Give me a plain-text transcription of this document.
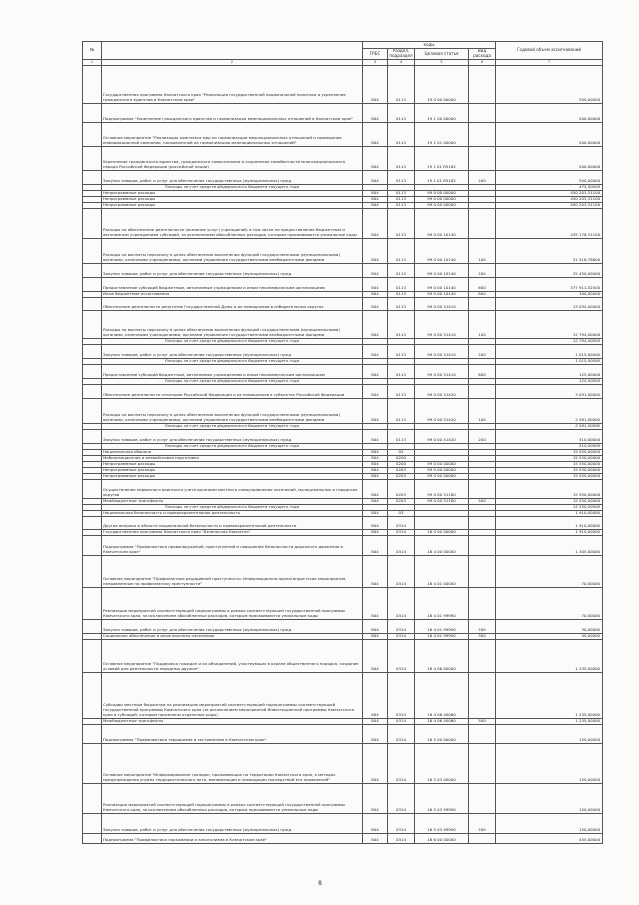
№		коды				Годовой объем ассигнований
		ГРБС	Раздел, подраздел	Целевая статья	Вид расхода	
1	2	3	4	5	6	7
	Государственная программа Камчатского края "Реализация государственной национальной политики и укрепление гражданского единства в Камчатском крае"	804	0113	19 0 00 00000		500,00000
	Подпрограмма "Укрепление гражданского единства и гармонизация межнациональных отношений в Камчатском крае"	804	0113	19 1 00 00000		500,00000
	Основное мероприятие "Реализация комплекса мер по гармонизации межнациональных отношений и проведение информационной кампании, направленной на гармонизацию межнациональных отношений"	804	0113	19 1 01 00000		500,00000
	Укрепление гражданского единства, гражданского самосознания и сохранение самобытности многонационального народа Российской Федерации (российской нации)	804	0113	19 1 01 R5162		500,00000
	Закупка товаров, работ и услуг для обеспечения государственных (муниципальных) нужд	804	0113	19 1 01 R5162	200	500,00000
	Расходы за счет средств федерального бюджета текущего года					475,00000
	Непрограммные расходы	804	0113	99 0 00 00000		450 203,31100
	Непрограммные расходы	804	0113	99 0 00 00000		450 203,31100
	Непрограммные расходы	804	0113	99 0 00 00000		450 203,31100
	Расходы на обеспечение деятельности (оказание услуг) учреждений, в том числе на предоставление бюджетным и автономным учреждениям субсидий, за исключением обособленных расходов, которым присваиваются уникальные коды	804	0113	99 0 00 10140		435 178,31100
	Расходы на выплаты персоналу в целях обеспечения выполнения функций государственными (муниципальными) органами, казенными учреждениями, органами управления государственными внебюджетными фондами	804	0113	99 0 00 10140	100	31 516,78600
	Закупка товаров, работ и услуг для обеспечения государственных (муниципальных) нужд	804	0113	99 0 00 10140	200	25 450,00000
	Предоставление субсидий бюджетным, автономным учреждениям и иным некоммерческим организациям	804	0113	99 0 00 10140	600	377 911,52500
	Иные бюджетные ассигнования	804	0113	99 0 00 10140	800	300,00000
	Обеспечение деятельности депутатов Государственной Думы и их помощников в избирательных округах	804	0113	99 0 00 51410		13 034,00000
	Расходы на выплаты персоналу в целях обеспечения выполнения функций государственными (муниципальными) органами, казенными учреждениями, органами управления государственными внебюджетными фондами	804	0113	99 0 00 51410	100	12 794,00000
	Расходы за счет средств федерального бюджета текущего года					12 794,00000
	Закупка товаров, работ и услуг для обеспечения государственных (муниципальных) нужд	804	0113	99 0 00 51410	200	1 015,00000
	Расходы за счет средств федерального бюджета текущего года					1 015,00000
	Предоставление субсидий бюджетным, автономным учреждениям и иным некоммерческим организациям	804	0113	99 0 00 51410	600	125,00000
	Расходы за счет средств федерального бюджета текущего года					125,00000
	Обеспечение деятельности сенаторов Российской Федерации и их помощников в субъектах Российской Федерации	804	0113	99 0 00 51420		3 091,00000
	Расходы на выплаты персоналу в целях обеспечения выполнения функций государственными (муниципальными) органами, казенными учреждениями, органами управления государственными внебюджетными фондами	804	0113	99 0 00 51420	100	2 581,00000
	Расходы за счет средств федерального бюджета текущего года					2 581,00000
	Закупка товаров, работ и услуг для обеспечения государственных (муниципальных) нужд	804	0113	99 0 00 51420	200	510,00000
	Расходы за счет средств федерального бюджета текущего года					510,00000
	Национальная оборона	804	02			15 550,00000
	Мобилизационная и вневойсковая подготовка	804	0200			15 550,00000
	Непрограммные расходы	804	0200	99 0 00 00000		15 550,00000
	Непрограммные расходы	804	0203	99 0 00 00000		15 550,00000
	Непрограммные расходы	804	0203	99 0 00 00000		15 550,00000
	Осуществление первичного воинского учета органами местного самоуправления поселений, муниципальных и городских округов	804	0203	99 0 00 51180		15 550,00000
	Межбюджетные трансферты	804	0203	99 0 00 51180	500	15 550,00000
	Расходы за счет средств федерального бюджета текущего года					15 550,00000
	Национальная безопасность и правоохранительная деятельность	804	03			1 910,00000
	Другие вопросы в области национальной безопасности и правоохранительной деятельности	804	0314			1 910,00000
	Государственная программа Камчатского края "Безопасная Камчатка"	804	0314	16 0 00 00000		1 910,00000
	Подпрограмма "Профилактика правонарушений, преступлений и повышение безопасности дорожного движения в Камчатском крае"	804	0314	16 4 00 00000		1 305,00000
	Основное мероприятие "Профилактика рецидивной преступности. Информационно-пропагандистские мероприятия, направленные на профилактику преступности"	804	0314	16 4 01 00000		70,00000
	Реализация мероприятий соответствующей подпрограммы в рамках соответствующей государственной программы Камчатского края, за исключением обособленных расходов, которым присваиваются уникальные коды	804	0314	16 4 01 99990		70,00000
	Закупка товаров, работ и услуг для обеспечения государственных (муниципальных) нужд	804	0314	16 4 01 99990	200	30,00000
	Социальное обеспечение и иные выплаты населению	804	0314	16 4 01 99990	300	40,00000
	Основное мероприятие "Поддержка граждан и их объединений, участвующих в охране общественного порядка, создание условий для деятельности народных дружин"	804	0314	16 4 06 00000		1 235,00000
	Субсидии местным бюджетам на реализацию мероприятий соответствующей подпрограммы соответствующей государственной программы Камчатского края (за исключением мероприятий Инвестиционной программы Камчатского края и субсидий, которым присвоены отдельные коды)	804	0314	16 4 06 40060		1 235,00000
	Межбюджетные трансферты	804	0314	16 4 06 40060	500	1 235,00000
	Подпрограмма "Профилактика терроризма и экстремизма в Камчатском крае"	804	0314	16 5 00 00000		150,00000
	Основное мероприятие "Информирование граждан, проживающих на территории Камчатского края, о методах предупреждения угрозы террористического акта, минимизации и ликвидации последствий его проявлений"	804	0314	16 5 03 00000		150,00000
	Реализация мероприятий соответствующей подпрограммы в рамках соответствующей государственной программы Камчатского края, за исключением обособленных расходов, которым присваиваются уникальные коды	804	0314	16 5 03 99990		150,00000
	Закупка товаров, работ и услуг для обеспечения государственных (муниципальных) нужд	804	0314	16 5 03 99990	200	150,00000
	Подпрограмма "Профилактика наркомании и алкоголизма в Камчатском крае"	804	0314	16 6 00 00000		455,00000
8
